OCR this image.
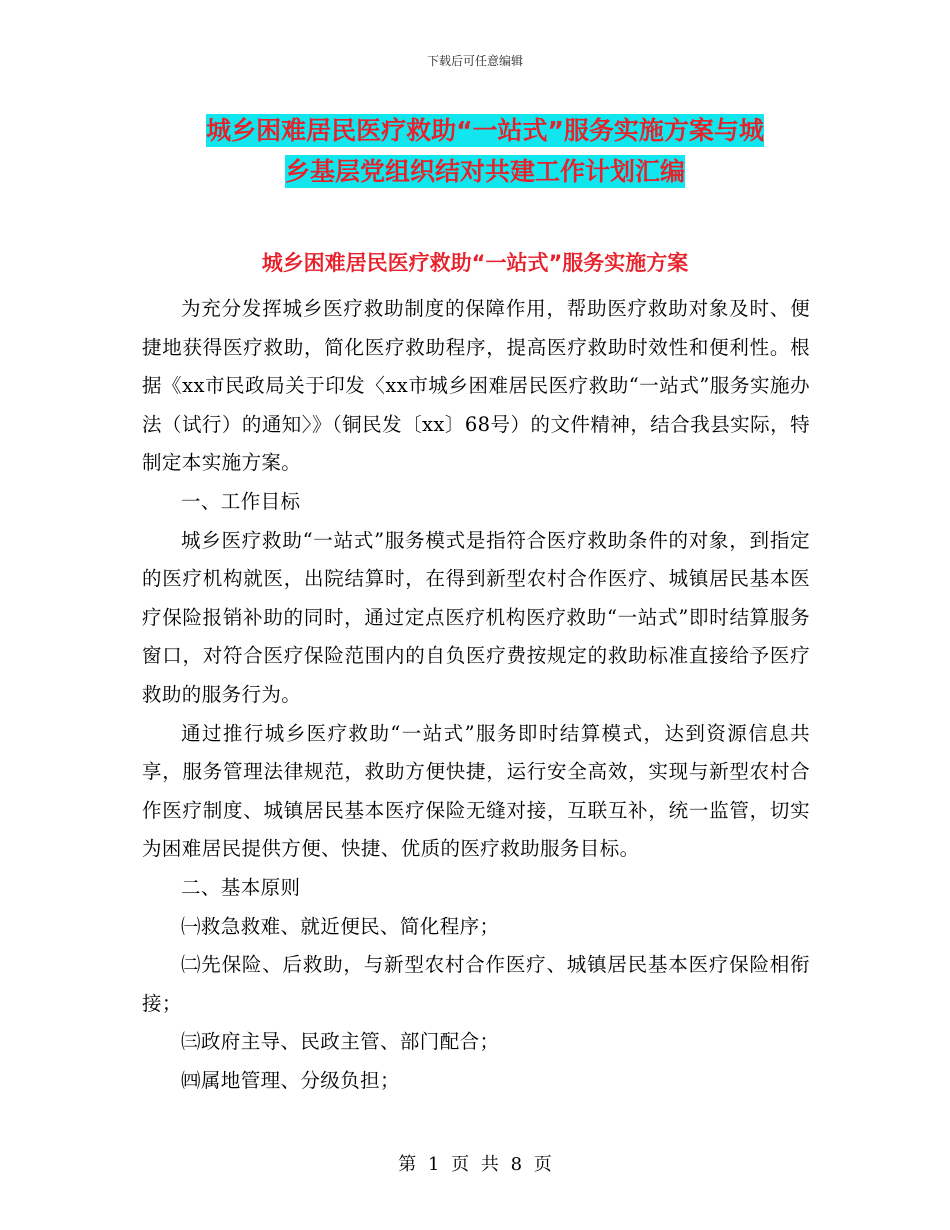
下载后可任意编辑
城乡困难居民医疗救助“一站式”服务实施方案与城
乡基层党组织结对共建工作计划汇编
城乡困难居民医疗救助“一站式”服务实施方案

为充分发挥城乡医疗救助制度的保障作用，帮助医疗救助对象及时、便捷地获得医疗救助，简化医疗救助程序，提高医疗救助时效性和便利性。根据《xx市民政局关于印发〈xx市城乡困难居民医疗救助“一站式”服务实施办法（试行）的通知〉》（铜民发〔xx〕68号）的文件精神，结合我县实际，特制定本实施方案。

一、工作目标

城乡医疗救助“一站式”服务模式是指符合医疗救助条件的对象，到指定的医疗机构就医，出院结算时，在得到新型农村合作医疗、城镇居民基本医疗保险报销补助的同时，通过定点医疗机构医疗救助“一站式”即时结算服务窗口，对符合医疗保险范围内的自负医疗费按规定的救助标准直接给予医疗救助的服务行为。

通过推行城乡医疗救助“一站式”服务即时结算模式，达到资源信息共享，服务管理法律规范，救助方便快捷，运行安全高效，实现与新型农村合作医疗制度、城镇居民基本医疗保险无缝对接，互联互补，统一监管，切实为困难居民提供方便、快捷、优质的医疗救助服务目标。

二、基本原则

㈠救急救难、就近便民、简化程序；

㈡先保险、后救助，与新型农村合作医疗、城镇居民基本医疗保险相衔接；

㈢政府主导、民政主管、部门配合；

㈣属地管理、分级负担；

第 1 页 共 8 页
